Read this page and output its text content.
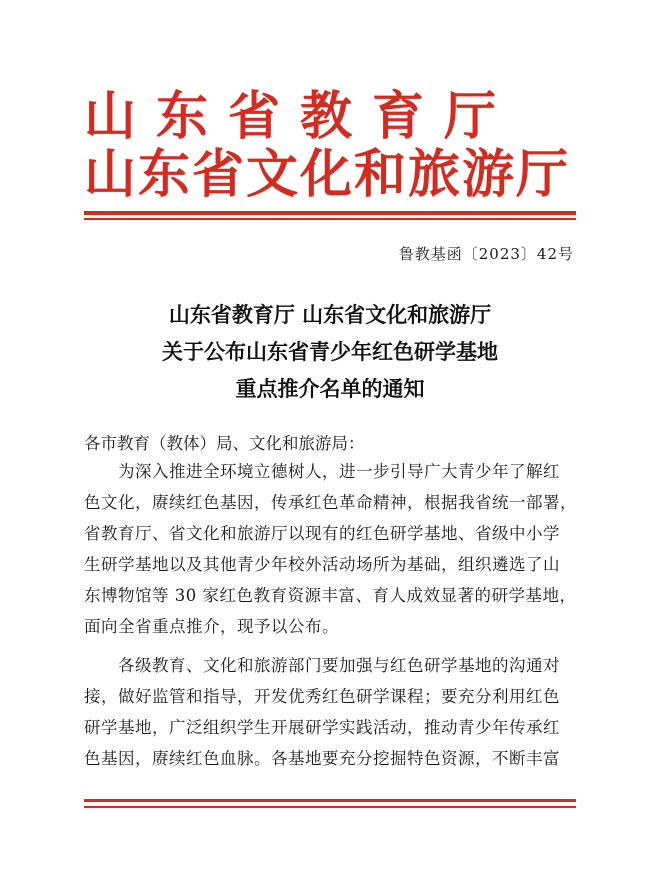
山东省教育厅
山东省文化和旅游厅
鲁教基函〔2023〕42号
山东省教育厅 山东省文化和旅游厅
关于公布山东省青少年红色研学基地
重点推介名单的通知
各市教育（教体）局、文化和旅游局：
为深入推进全环境立德树人，进一步引导广大青少年了解红
色文化，赓续红色基因，传承红色革命精神，根据我省统一部署，
省教育厅、省文化和旅游厅以现有的红色研学基地、省级中小学
生研学基地以及其他青少年校外活动场所为基础，组织遴选了山
东博物馆等 30 家红色教育资源丰富、育人成效显著的研学基地，
面向全省重点推介，现予以公布。
各级教育、文化和旅游部门要加强与红色研学基地的沟通对
接，做好监管和指导，开发优秀红色研学课程；要充分利用红色
研学基地，广泛组织学生开展研学实践活动，推动青少年传承红
色基因，赓续红色血脉。各基地要充分挖掘特色资源，不断丰富
